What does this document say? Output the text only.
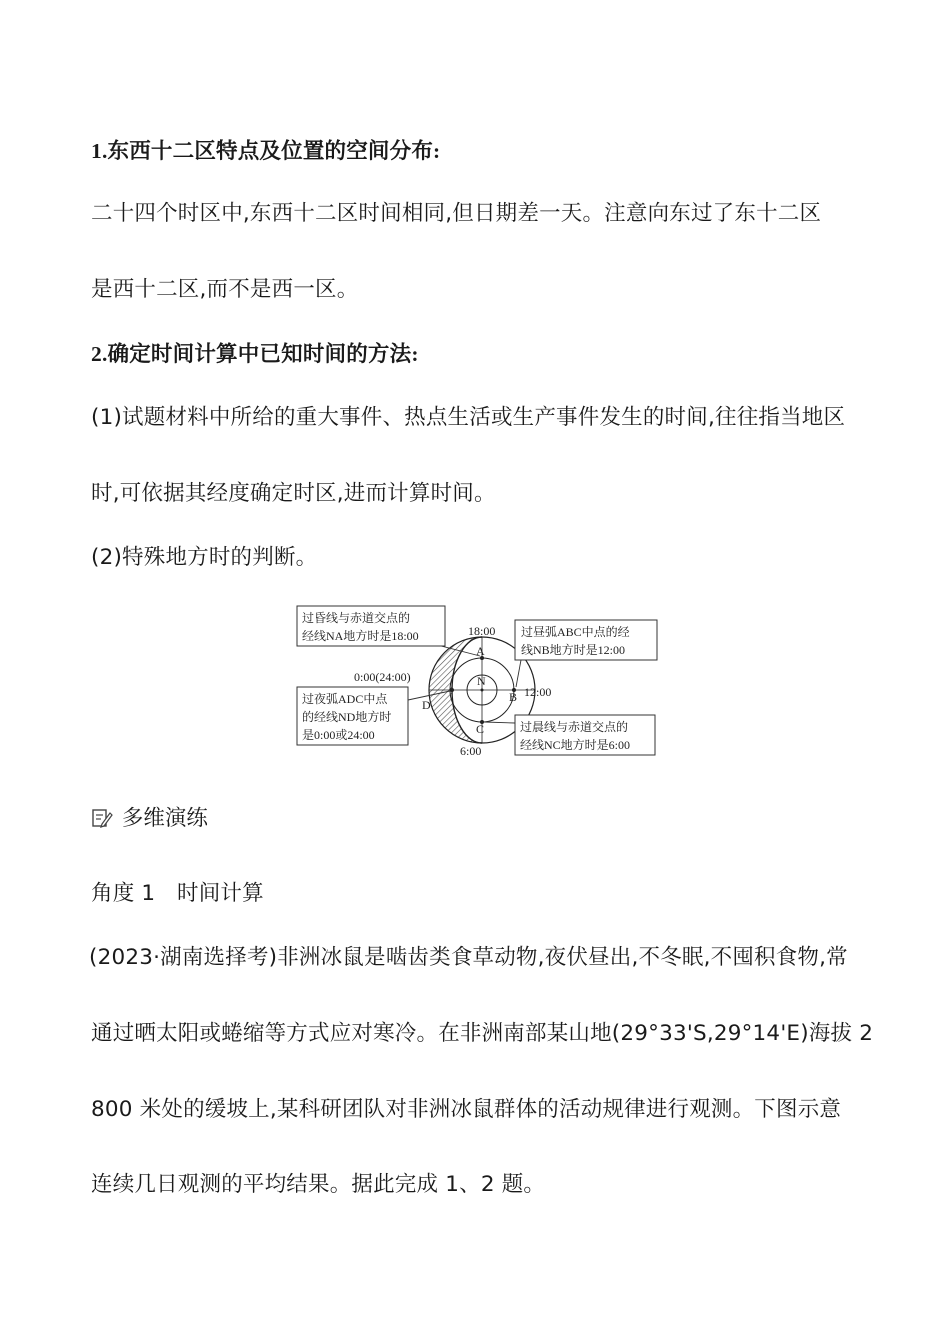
1.东西十二区特点及位置的空间分布:
二十四个时区中,东西十二区时间相同,但日期差一天。注意向东过了东十二区
是西十二区,而不是西一区。
2.确定时间计算中已知时间的方法:
(1)试题材料中所给的重大事件、热点生活或生产事件发生的时间,往往指当地区
时,可依据其经度确定时区,进而计算时间。
(2)特殊地方时的判断。
A
B
C
D
N
18:00
0:00(24:00)
12:00
6:00
过昏线与赤道交点的
经线NA地方时是18:00	过昼弧ABC中点的经
线NB地方时是12:00
过夜弧ADC中点
的经线ND地方时
是0:00或24:00
过晨线与赤道交点的
经线NC地方时是6:00
多维演练
角度 1　时间计算
(2023·湖南选择考)非洲冰鼠是啮齿类食草动物,夜伏昼出,不冬眠,不囤积食物,常
通过晒太阳或蜷缩等方式应对寒冷。在非洲南部某山地(29°33'S,29°14'E)海拔 2
800 米处的缓坡上,某科研团队对非洲冰鼠群体的活动规律进行观测。下图示意
连续几日观测的平均结果。据此完成 1、2 题。
